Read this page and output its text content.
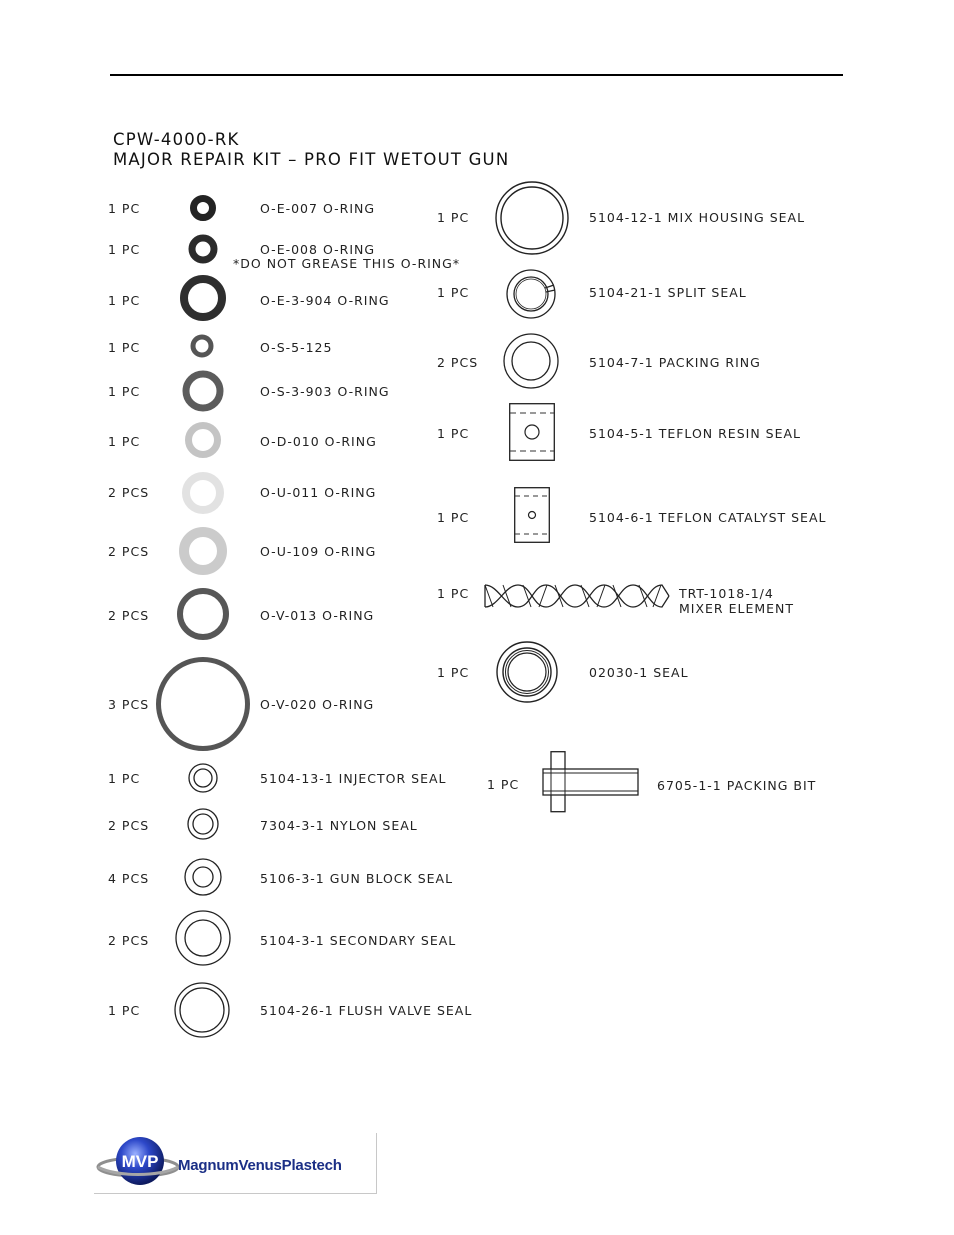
CPW-4000-RK
MAJOR REPAIR KIT – PRO FIT WETOUT GUN
1 PC	O-E-007 O-RING
1 PC	O-E-008 O-RING
*DO NOT GREASE THIS O-RING*
1 PC	O-E-3-904 O-RING
1 PC	O-S-5-125
1 PC	O-S-3-903 O-RING
1 PC	O-D-010 O-RING
2 PCS	O-U-011 O-RING
2 PCS	O-U-109 O-RING
2 PCS	O-V-013 O-RING
3 PCS	O-V-020 O-RING
1 PC	5104-13-1 INJECTOR SEAL
2 PCS	7304-3-1 NYLON SEAL
4 PCS	5106-3-1 GUN BLOCK SEAL
2 PCS	5104-3-1 SECONDARY SEAL
1 PC	5104-26-1 FLUSH VALVE SEAL
1 PC	5104-12-1 MIX HOUSING SEAL
1 PC	5104-21-1 SPLIT SEAL
2 PCS	5104-7-1 PACKING RING
1 PC	5104-5-1 TEFLON RESIN SEAL
1 PC	5104-6-1 TEFLON CATALYST SEAL
1 PC	TRT-1018-1/4
MIXER ELEMENT
1 PC	02030-1 SEAL
1 PC	6705-1-1 PACKING BIT
MVP MagnumVenusPlastech
